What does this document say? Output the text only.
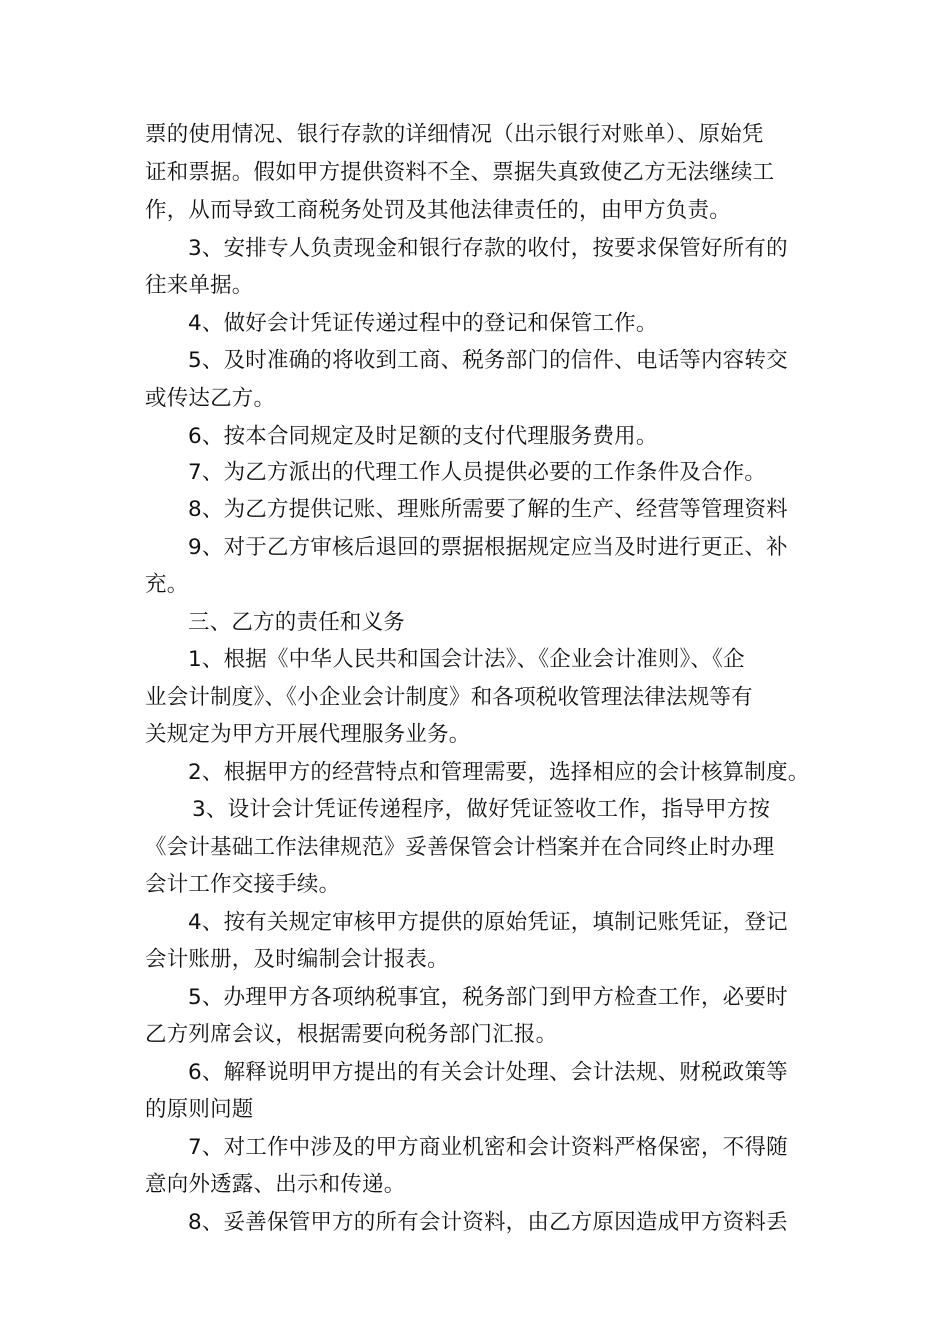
票的使用情况、银行存款的详细情况（出示银行对账单）、原始凭
证和票据。假如甲方提供资料不全、票据失真致使乙方无法继续工
作，从而导致工商税务处罚及其他法律责任的，由甲方负责。
3、安排专人负责现金和银行存款的收付，按要求保管好所有的
往来单据。
4、做好会计凭证传递过程中的登记和保管工作。
5、及时准确的将收到工商、税务部门的信件、电话等内容转交
或传达乙方。
6、按本合同规定及时足额的支付代理服务费用。
7、为乙方派出的代理工作人员提供必要的工作条件及合作。
8、为乙方提供记账、理账所需要了解的生产、经营等管理资料
9、对于乙方审核后退回的票据根据规定应当及时进行更正、补
充。
三、乙方的责任和义务
1、根据《中华人民共和国会计法》、《企业会计准则》、《企
业会计制度》、《小企业会计制度》和各项税收管理法律法规等有
关规定为甲方开展代理服务业务。
2、根据甲方的经营特点和管理需要，选择相应的会计核算制度。
3、设计会计凭证传递程序，做好凭证签收工作，指导甲方按
《会计基础工作法律规范》妥善保管会计档案并在合同终止时办理
会计工作交接手续。
4、按有关规定审核甲方提供的原始凭证，填制记账凭证，登记
会计账册，及时编制会计报表。
5、办理甲方各项纳税事宜，税务部门到甲方检查工作，必要时
乙方列席会议，根据需要向税务部门汇报。
6、解释说明甲方提出的有关会计处理、会计法规、财税政策等
的原则问题
7、对工作中涉及的甲方商业机密和会计资料严格保密，不得随
意向外透露、出示和传递。
8、妥善保管甲方的所有会计资料，由乙方原因造成甲方资料丢
